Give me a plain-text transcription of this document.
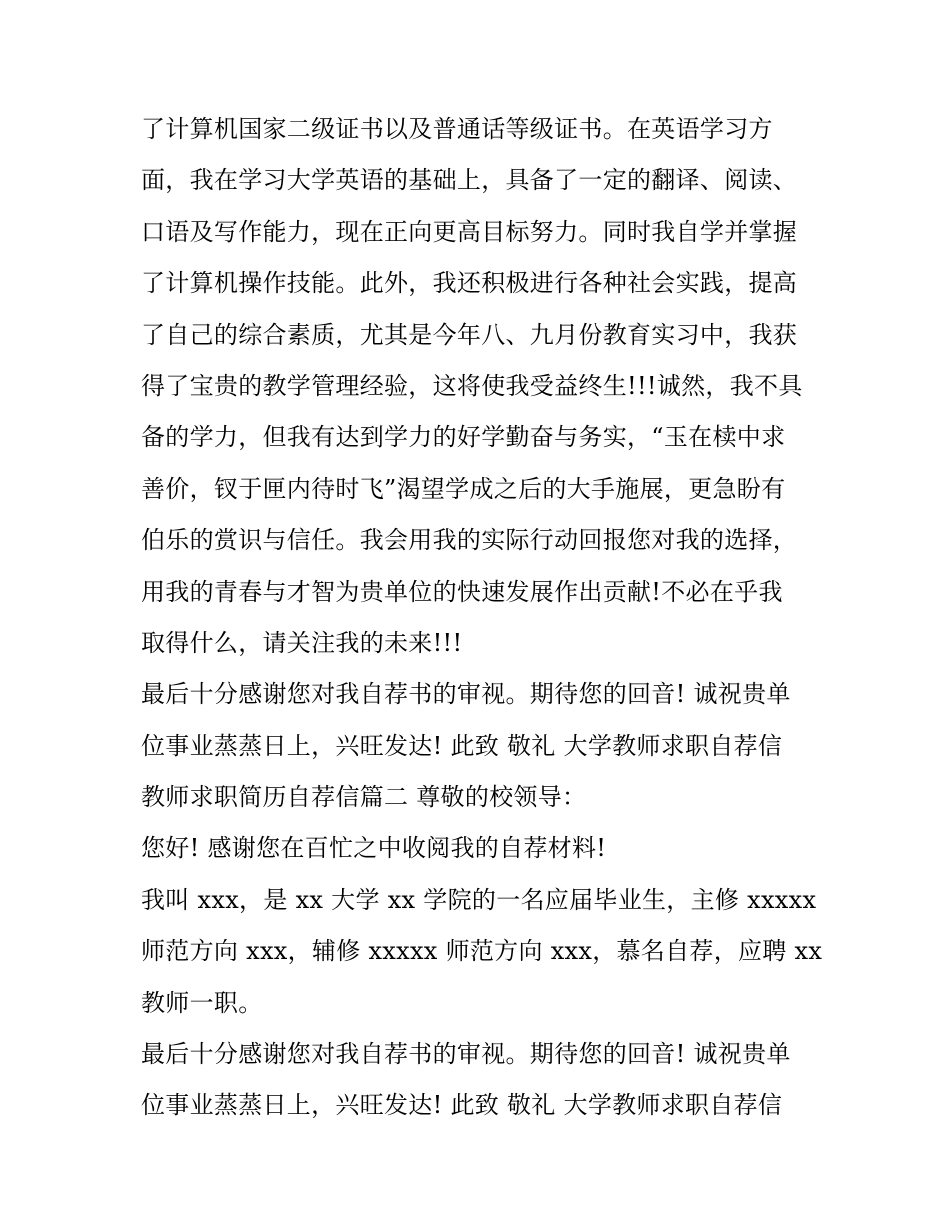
了计算机国家二级证书以及普通话等级证书。在英语学习方
面，我在学习大学英语的基础上，具备了一定的翻译、阅读、
口语及写作能力，现在正向更高目标努力。同时我自学并掌握
了计算机操作技能。此外，我还积极进行各种社会实践，提高
了自己的综合素质，尤其是今年八、九月份教育实习中，我获
得了宝贵的教学管理经验，这将使我受益终生!!!诚然，我不具
备的学力，但我有达到学力的好学勤奋与务实，“玉在椟中求
善价，钗于匣内待时飞”渴望学成之后的大手施展，更急盼有
伯乐的赏识与信任。我会用我的实际行动回报您对我的选择，
用我的青春与才智为贵单位的快速发展作出贡献!不必在乎我
取得什么，请关注我的未来!!!
最后十分感谢您对我自荐书的审视。期待您的回音! 诚祝贵单
位事业蒸蒸日上，兴旺发达! 此致 敬礼 大学教师求职自荐信
教师求职简历自荐信篇二 尊敬的校领导：
您好! 感谢您在百忙之中收阅我的自荐材料!
我叫 xxx，是 xx 大学 xx 学院的一名应届毕业生，主修 xxxxx
师范方向 xxx，辅修 xxxxx 师范方向 xxx，慕名自荐，应聘 xx
教师一职。
最后十分感谢您对我自荐书的审视。期待您的回音! 诚祝贵单
位事业蒸蒸日上，兴旺发达! 此致 敬礼 大学教师求职自荐信
